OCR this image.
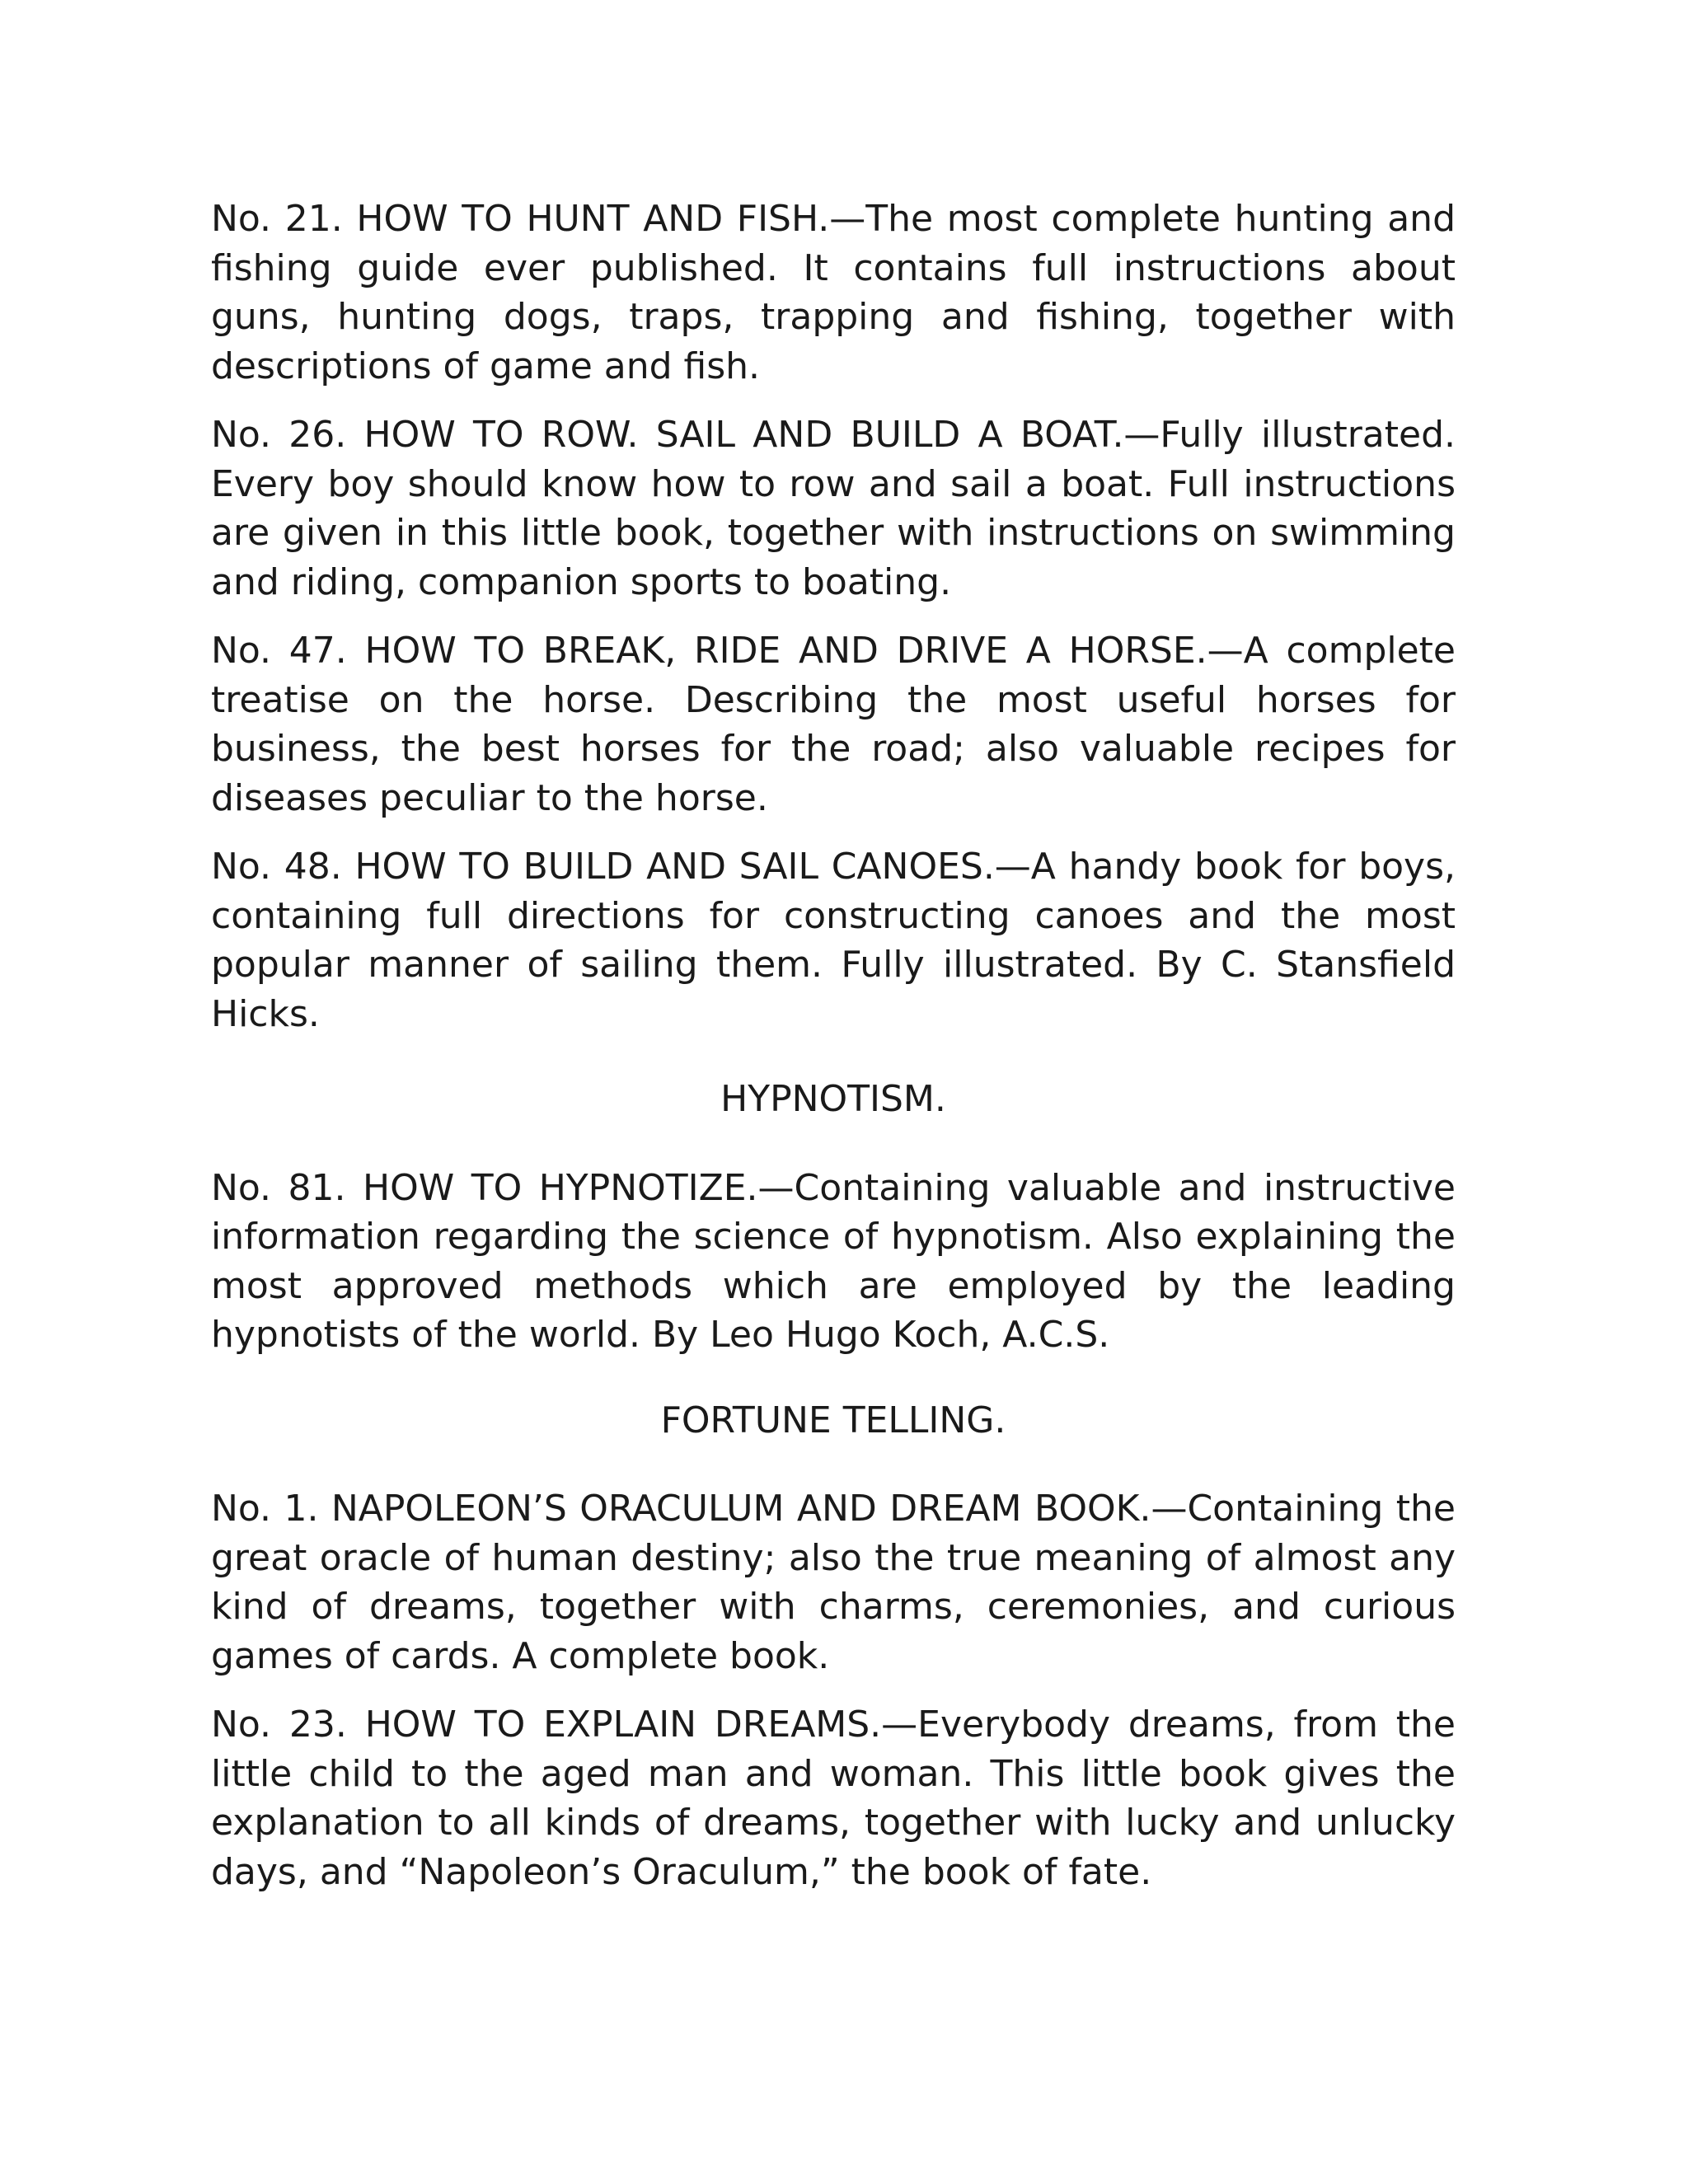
No. 21. HOW TO HUNT AND FISH.—The most complete hunting and fishing guide ever published. It contains full instructions about guns, hunting dogs, traps, trapping and fishing, together with descriptions of game and fish.

No. 26. HOW TO ROW. SAIL AND BUILD A BOAT.—Fully illustrated. Every boy should know how to row and sail a boat. Full instructions are given in this little book, together with instructions on swimming and riding, companion sports to boating.

No. 47. HOW TO BREAK, RIDE AND DRIVE A HORSE.—A complete treatise on the horse. Describing the most useful horses for business, the best horses for the road; also valuable recipes for diseases peculiar to the horse.

No. 48. HOW TO BUILD AND SAIL CANOES.—A handy book for boys, containing full directions for constructing canoes and the most popular manner of sailing them. Fully illustrated. By C. Stansfield Hicks.

HYPNOTISM.

No. 81. HOW TO HYPNOTIZE.—Containing valuable and instructive information regarding the science of hypnotism. Also explaining the most approved methods which are employed by the leading hypnotists of the world. By Leo Hugo Koch, A.C.S.

FORTUNE TELLING.

No. 1. NAPOLEON’S ORACULUM AND DREAM BOOK.—Containing the great oracle of human destiny; also the true meaning of almost any kind of dreams, together with charms, ceremonies, and curious games of cards. A complete book.

No. 23. HOW TO EXPLAIN DREAMS.—Everybody dreams, from the little child to the aged man and woman. This little book gives the explanation to all kinds of dreams, together with lucky and unlucky days, and “Napoleon’s Oraculum,” the book of fate.
